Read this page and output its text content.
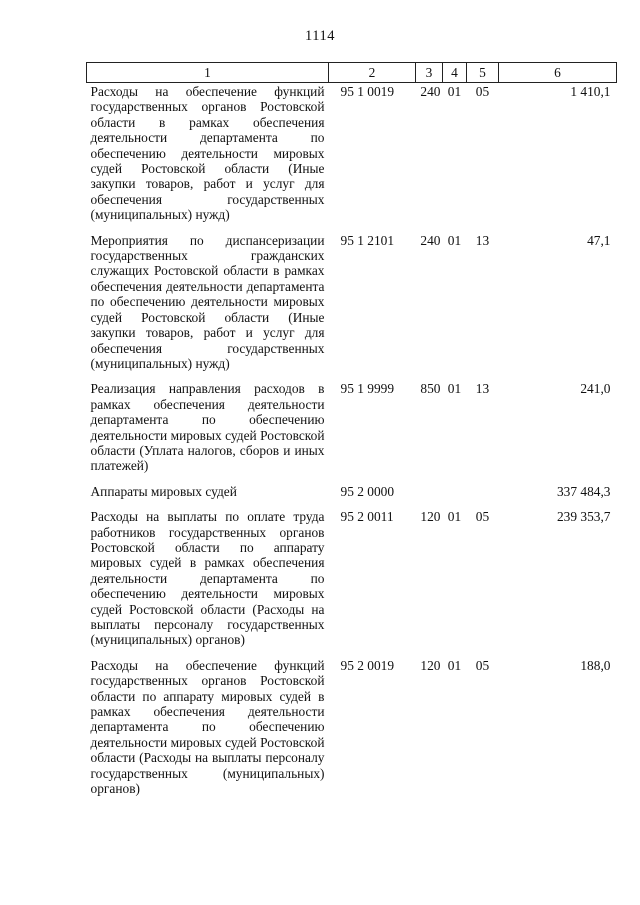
1114
1	2	3	4	5	6
Расходы на обеспечение функций государственных органов Ростовской области в рамках обеспечения деятельности департамента по обеспечению деятельности мировых судей Ростовской области (Иные закупки товаров, работ и услуг для обеспечения государственных (муниципальных) нужд)	95 1 0019	240	01	05	1 410,1
Мероприятия по диспансеризации государственных гражданских служащих Ростовской области в рамках обеспечения деятельности департамента по обеспечению деятельности мировых судей Ростовской области (Иные закупки товаров, работ и услуг для обеспечения государственных (муниципальных) нужд)	95 1 2101	240	01	13	47,1
Реализация направления расходов в рамках обеспечения деятельности департамента по обеспечению деятельности мировых судей Ростовской области (Уплата налогов, сборов и иных платежей)	95 1 9999	850	01	13	241,0
Аппараты мировых судей	95 2 0000				337 484,3
Расходы на выплаты по оплате труда работников государственных органов Ростовской области по аппарату мировых судей в рамках обеспечения деятельности департамента по обеспечению деятельности мировых судей Ростовской области (Расходы на выплаты персоналу государственных (муниципальных) органов)	95 2 0011	120	01	05	239 353,7
Расходы на обеспечение функций государственных органов Ростовской области по аппарату мировых судей в рамках обеспечения деятельности департамента по обеспечению деятельности мировых судей Ростовской области (Расходы на выплаты персоналу государственных (муниципальных) органов)	95 2 0019	120	01	05	188,0
